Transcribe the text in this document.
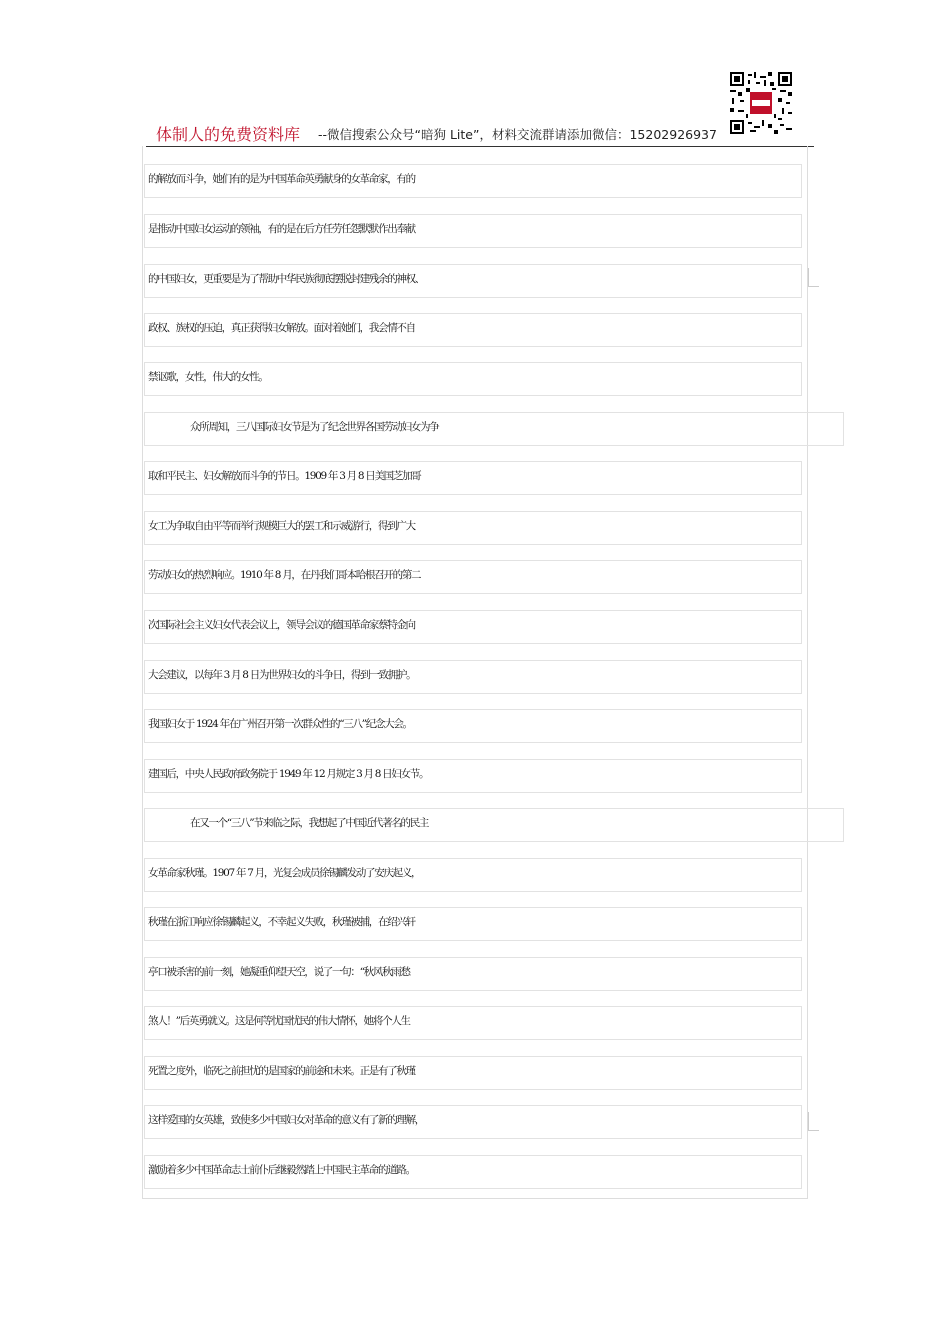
体制人的免费资料库 --微信搜索公众号“暗狗 Lite”，材料交流群请添加微信：15202926937
的解放而斗争，她们有的是为中国革命英勇献身的女革命家，有的
是推动中国妇女运动的领袖，有的是在后方任劳任怨默默作出奉献
的中国妇女，更重要是为了帮助中华民族彻底摆脱封建残余的神权、
政权、族权的压迫，真正获得妇女解放。面对着她们，我会情不自
禁讴歌，女性，伟大的女性。
众所周知，三八国际妇女节是为了纪念世界各国劳动妇女为争
取和平民主、妇女解放而斗争的节日。1909 年 3 月 8 日美国芝加哥
女工为争取自由平等而举行规模巨大的罢工和示威游行，得到广大
劳动妇女的热烈响应。1910 年 8 月，在丹我们哥本哈根召开的第二
次国际社会主义妇女代表会议上，领导会议的德国革命家蔡特金向
大会建议，以每年 3 月 8 日为世界妇女的斗争日，得到一致拥护。
我国妇女于 1924 年在广州召开第一次群众性的“三八”纪念大会。
建国后，中央人民政府政务院于 1949 年 12 月规定 3 月 8 日妇女节。
在又一个“三八”节来临之际，我想起了中国近代著名的民主
女革命家秋瑾。1907 年 7 月，光复会成员徐锡麟发动了安庆起义，
秋瑾在浙江响应徐锡麟起义，不幸起义失败，秋瑾被捕，在绍兴轩
亭口被杀害的前一刻，她凝重仰望天空，说了一句：“秋风秋雨愁
煞人！”后英勇就义。这是何等忧国忧民的伟大情怀，她将个人生
死置之度外，临死之前担忧的是国家的前途和未来。正是有了秋瑾
这样爱国的女英雄，致使多少中国妇女对革命的意义有了新的理解，
激励着多少中国革命志士前仆后继毅然踏上中国民主革命的道路。
